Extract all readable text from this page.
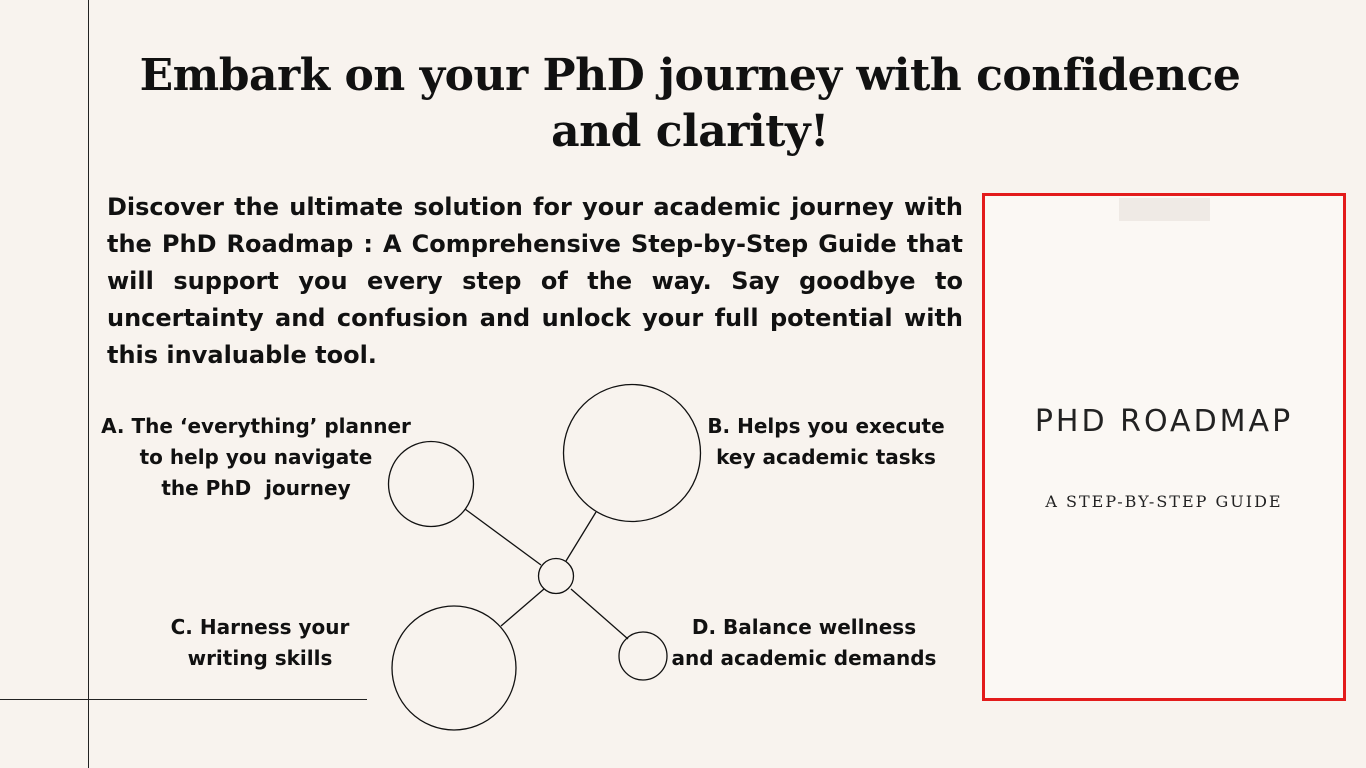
Embark on your PhD journey with confidence and clarity!

Discover the ultimate solution for your academic journey with the PhD Roadmap : A Comprehensive Step-by-Step Guide that will support you every step of the way. Say goodbye to uncertainty and confusion and unlock your full potential with this invaluable tool.

A. The ‘everything’ planner
to help you navigate
the PhD  journey
B. Helps you execute
key academic tasks
C. Harness your
writing skills
D. Balance wellness
and academic demands

PHD ROADMAP

A STEP-BY-STEP GUIDE
